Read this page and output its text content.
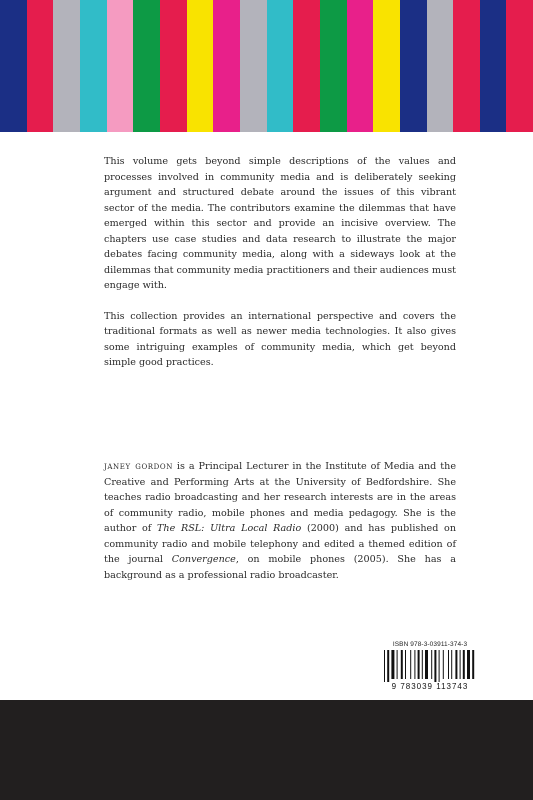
This volume gets beyond simple descriptions of the values and processes involved in community media and is deliberately seeking argument and structured debate around the issues of this vibrant sector of the media. The contributors examine the dilemmas that have emerged within this sector and provide an incisive overview. The chapters use case studies and data research to illustrate the major debates facing community media, along with a sideways look at the dilemmas that community media practitioners and their audiences must engage with.

This collection provides an international perspective and covers the traditional formats as well as newer media technologies. It also gives some intriguing examples of community media, which get beyond simple good practices.

janey gordon is a Principal Lecturer in the Institute of Media and the Creative and Performing Arts at the University of Bedfordshire. She teaches radio broadcasting and her research interests are in the areas of community radio, mobile phones and media pedagogy. She is the author of The RSL: Ultra Local Radio (2000) and has published on community radio and mobile telephony and edited a themed edition of the journal Convergence, on mobile phones (2005). She has a background as a professional radio broadcaster.

ISBN 978-3-03911-374-3
9 783039 113743
